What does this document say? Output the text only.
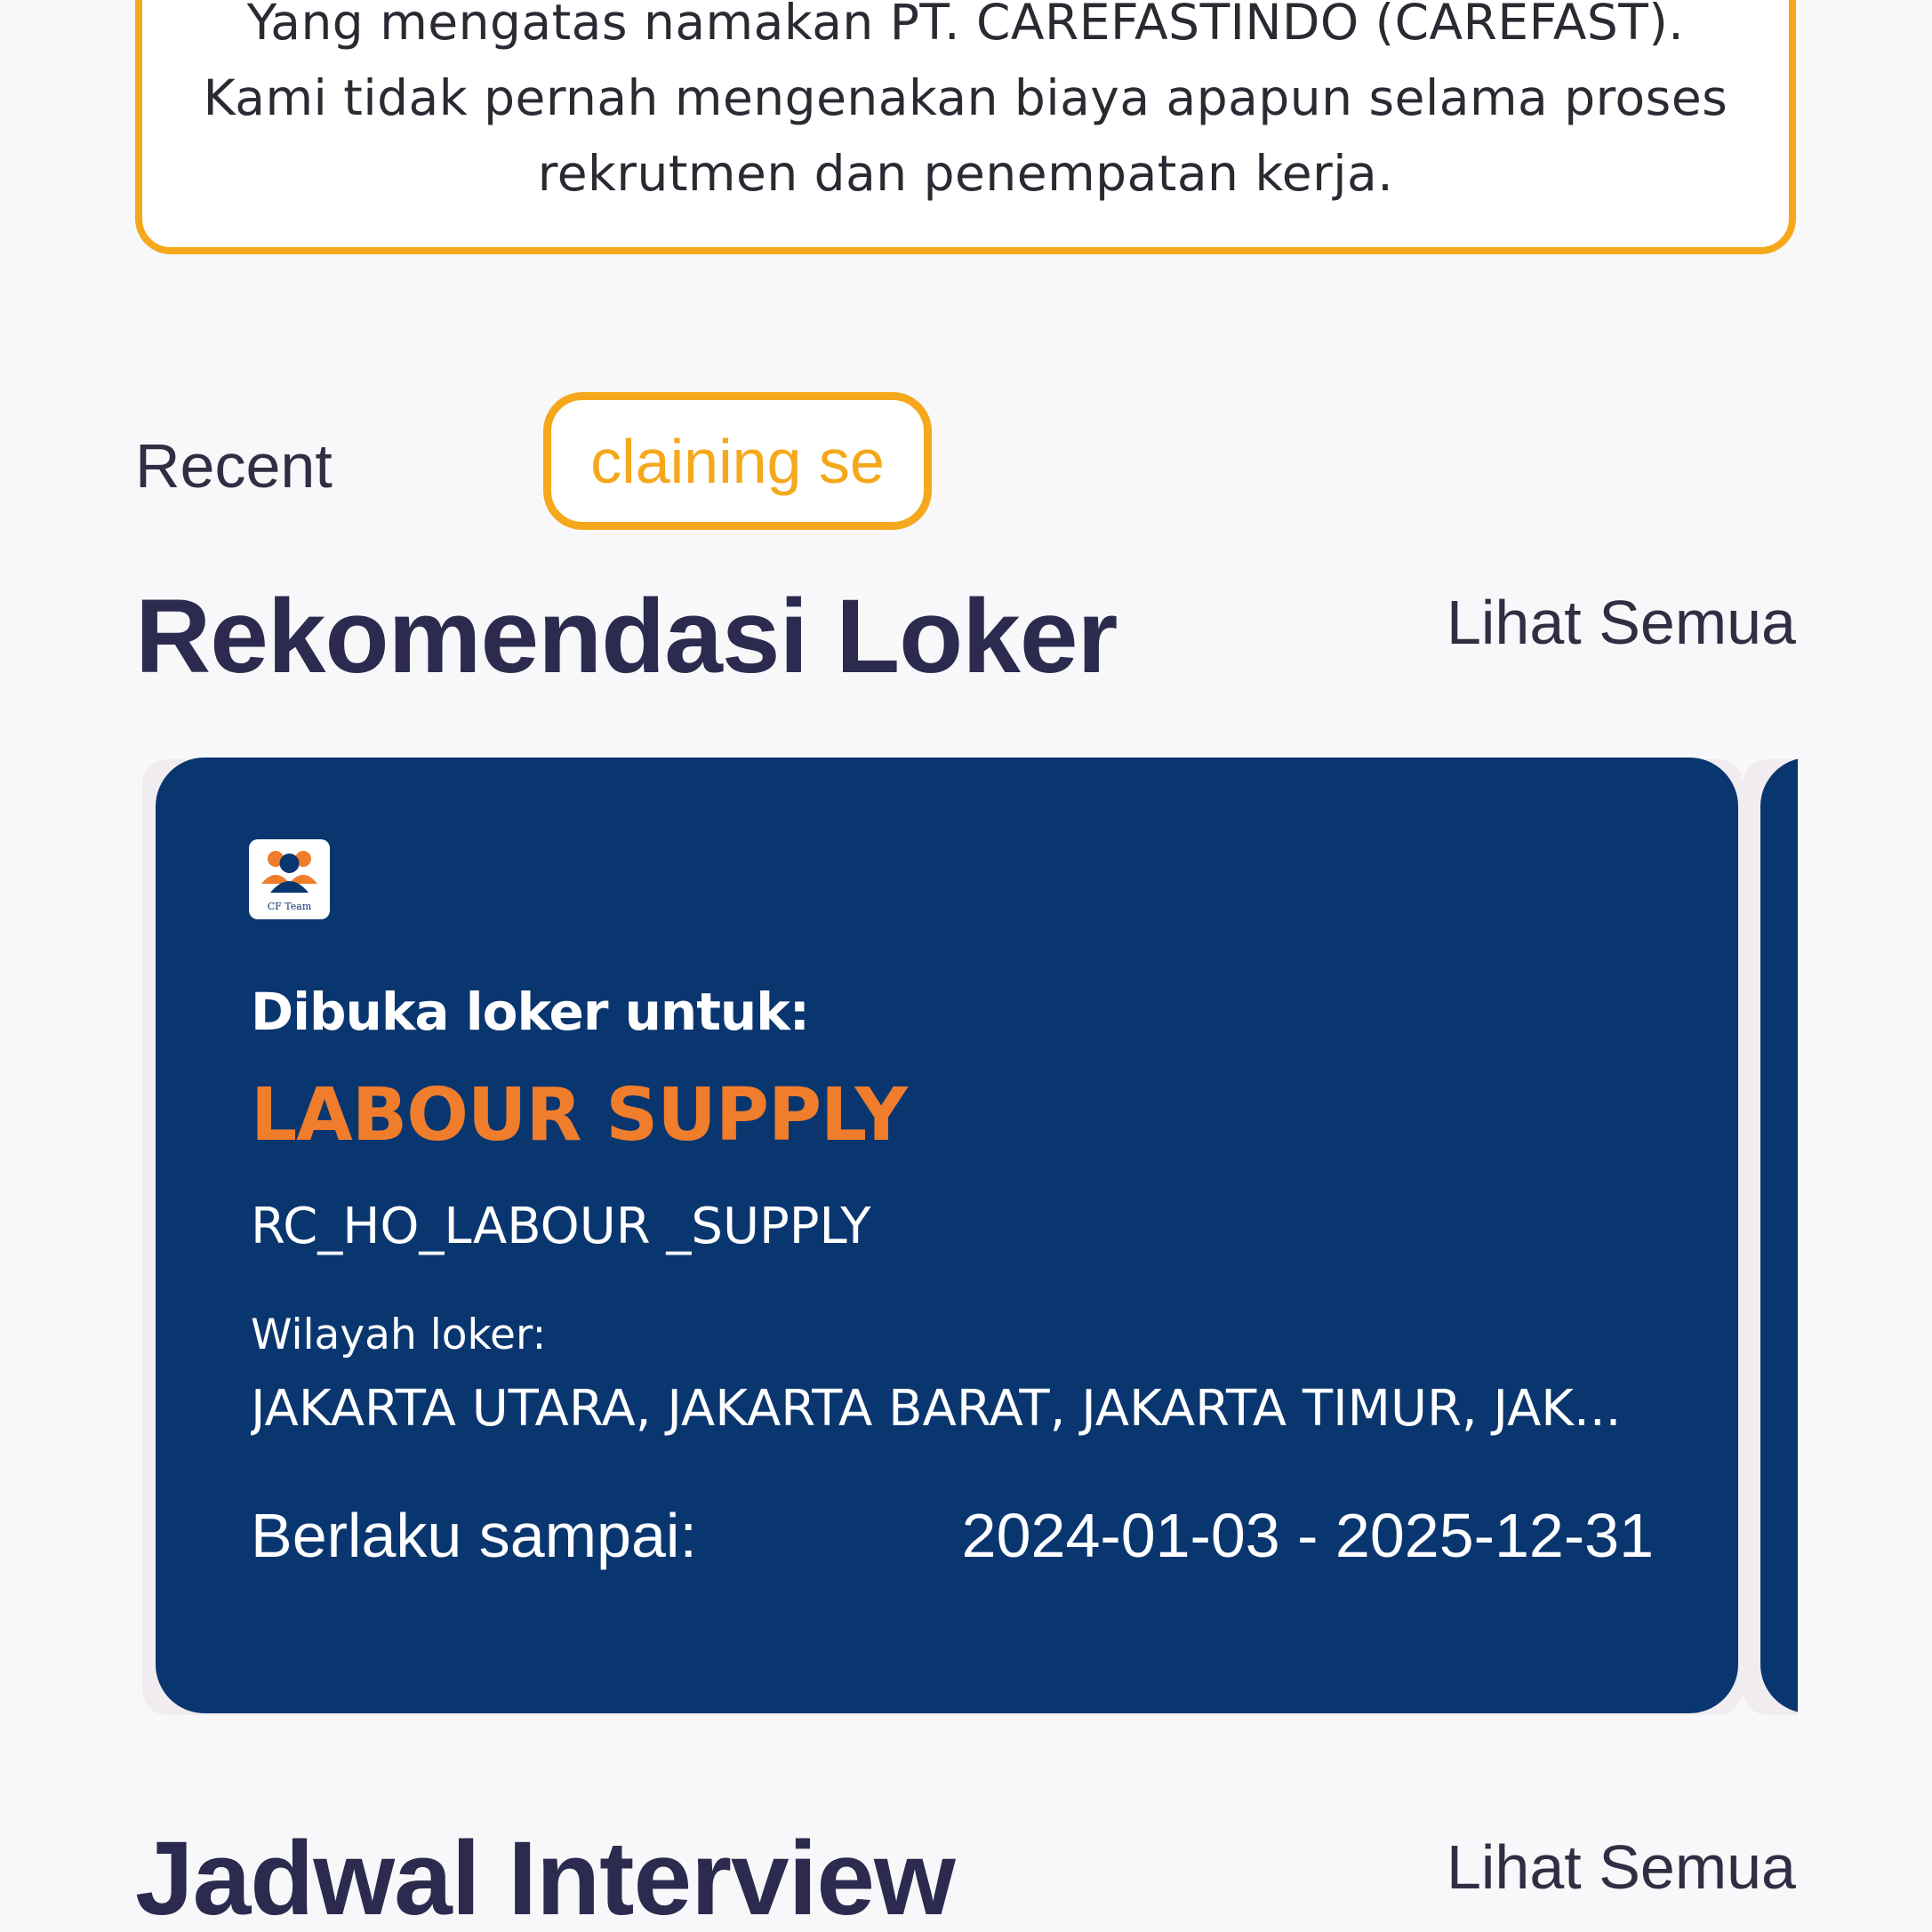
Yang mengatas namakan PT. CAREFASTINDO (CAREFAST). Kami tidak pernah mengenakan biaya apapun selama proses rekrutmen dan penempatan kerja.

Recent	claining se
Rekomendasi Loker	Lihat Semua
CF Team
Dibuka loker untuk:
LABOUR SUPPLY
RC_HO_LABOUR _SUPPLY
Wilayah loker:
JAKARTA UTARA, JAKARTA BARAT, JAKARTA TIMUR, JAK...
Berlaku sampai:	2024-01-03 - 2025-12-31
Jadwal Interview	Lihat Semua
